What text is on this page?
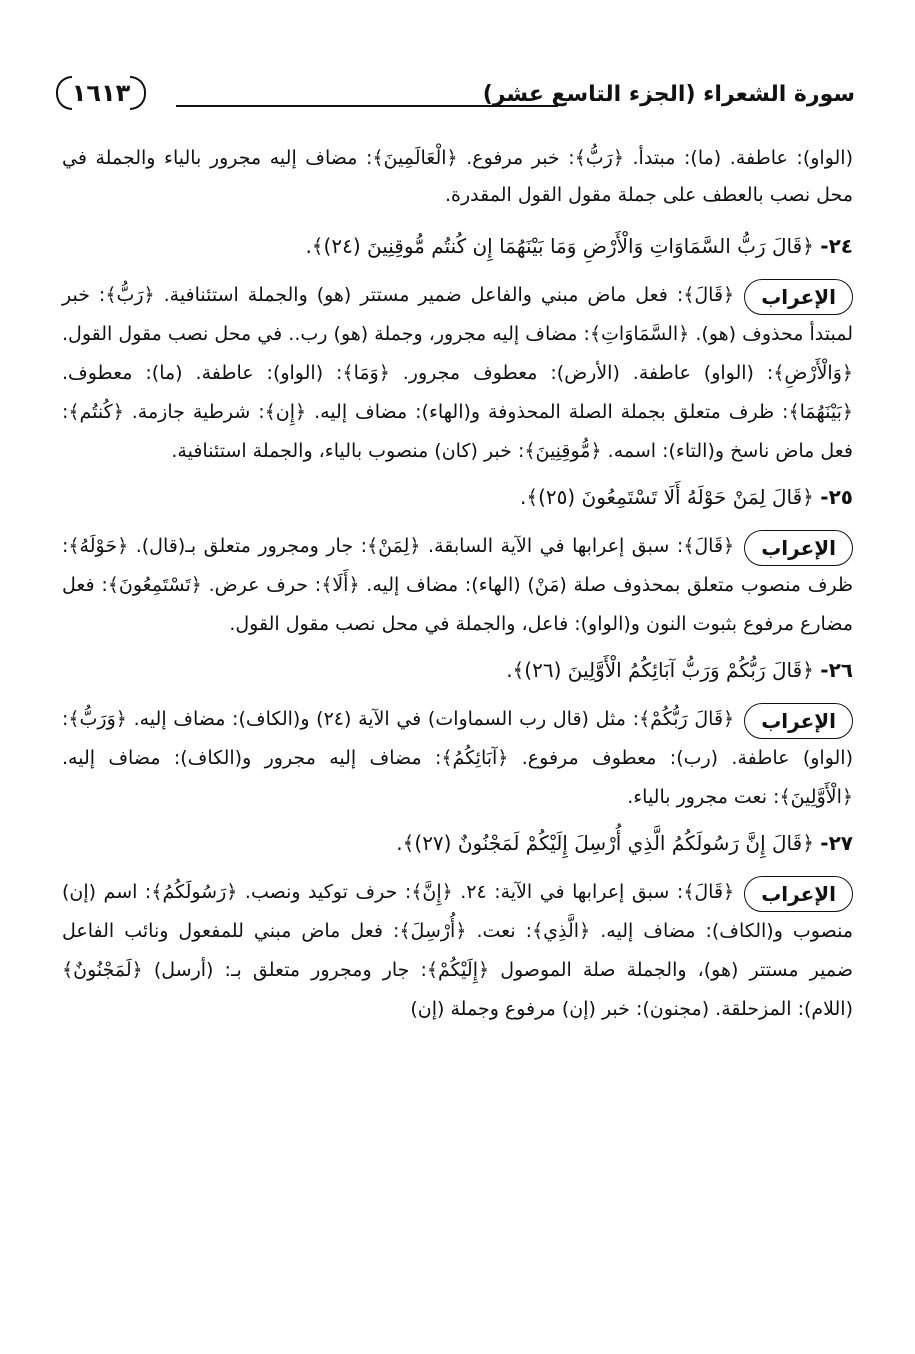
سورة الشعراء (الجزء التاسع عشر)
١٦١٣

(الواو): عاطفة. (ما): مبتدأ. ﴿رَبُّ﴾: خبر مرفوع. ﴿الْعَالَمِينَ﴾: مضاف إليه مجرور بالياء والجملة في محل نصب بالعطف على جملة مقول القول المقدرة.

٢٤- ﴿قَالَ رَبُّ السَّمَاوَاتِ وَالْأَرْضِ وَمَا بَيْنَهُمَا إِن كُنتُم مُّوقِنِينَ (٢٤)﴾.
الإعراب

﴿قَالَ﴾: فعل ماض مبني والفاعل ضمير مستتر (هو) والجملة استئنافية. ﴿رَبُّ﴾: خبر لمبتدأ محذوف (هو). ﴿السَّمَاوَاتِ﴾: مضاف إليه مجرور، وجملة (هو) رب.. في محل نصب مقول القول. ﴿وَالْأَرْضِ﴾: (الواو) عاطفة. (الأرض): معطوف مجرور. ﴿وَمَا﴾: (الواو): عاطفة. (ما): معطوف. ﴿بَيْنَهُمَا﴾: ظرف متعلق بجملة الصلة المحذوفة و(الهاء): مضاف إليه. ﴿إِن﴾: شرطية جازمة. ﴿كُنتُم﴾: فعل ماض ناسخ و(التاء): اسمه. ﴿مُّوقِنِينَ﴾: خبر (كان) منصوب بالياء، والجملة استئنافية.

٢٥- ﴿قَالَ لِمَنْ حَوْلَهُ أَلَا تَسْتَمِعُونَ (٢٥)﴾.
الإعراب

﴿قَالَ﴾: سبق إعرابها في الآية السابقة. ﴿لِمَنْ﴾: جار ومجرور متعلق بـ(قال). ﴿حَوْلَهُ﴾: ظرف منصوب متعلق بمحذوف صلة (مَنْ) (الهاء): مضاف إليه. ﴿أَلَا﴾: حرف عرض. ﴿تَسْتَمِعُونَ﴾: فعل مضارع مرفوع بثبوت النون و(الواو): فاعل، والجملة في محل نصب مقول القول.

٢٦- ﴿قَالَ رَبُّكُمْ وَرَبُّ آبَائِكُمُ الْأَوَّلِينَ (٢٦)﴾.
الإعراب

﴿قَالَ رَبُّكُمْ﴾: مثل (قال رب السماوات) في الآية (٢٤) و(الكاف): مضاف إليه. ﴿وَرَبُّ﴾: (الواو) عاطفة. (رب): معطوف مرفوع. ﴿آبَائِكُمُ﴾: مضاف إليه مجرور و(الكاف): مضاف إليه. ﴿الْأَوَّلِينَ﴾: نعت مجرور بالياء.

٢٧- ﴿قَالَ إِنَّ رَسُولَكُمُ الَّذِي أُرْسِلَ إِلَيْكُمْ لَمَجْنُونٌ (٢٧)﴾.
الإعراب

﴿قَالَ﴾: سبق إعرابها في الآية: ٢٤. ﴿إِنَّ﴾: حرف توكيد ونصب. ﴿رَسُولَكُمُ﴾: اسم (إن) منصوب و(الكاف): مضاف إليه. ﴿الَّذِي﴾: نعت. ﴿أُرْسِلَ﴾: فعل ماض مبني للمفعول ونائب الفاعل ضمير مستتر (هو)، والجملة صلة الموصول ﴿إِلَيْكُمْ﴾: جار ومجرور متعلق بـ: (أرسل) ﴿لَمَجْنُونٌ﴾ (اللام): المزحلقة. (مجنون): خبر (إن) مرفوع وجملة (إن)
